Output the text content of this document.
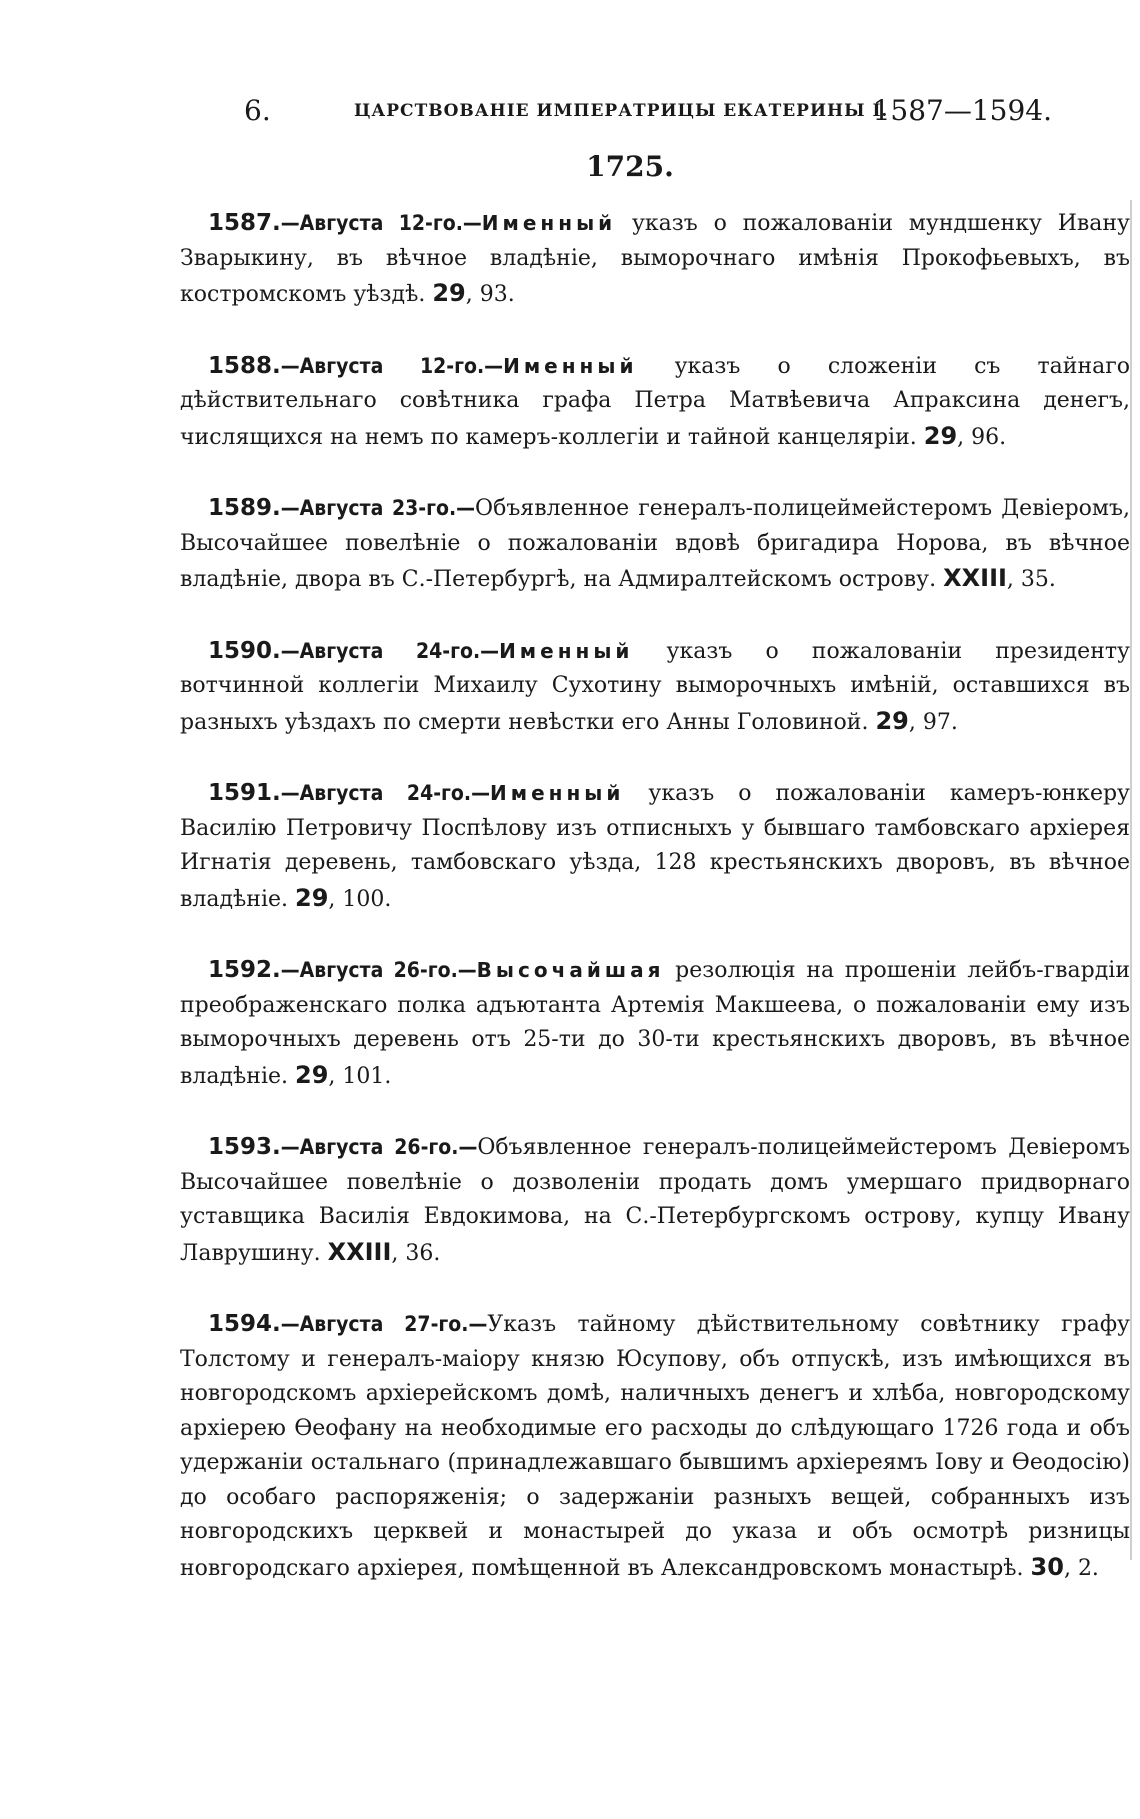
6.	ЦАРСТВОВАНІЕ ИМПЕРАТРИЦЫ ЕКАТЕРИНЫ I.
1587—1594.
1725.

1587.—Августа 12-го.—Именный указъ о пожалованіи мундшенку Ивану Зварыкину, въ вѣчное владѣніе, выморочнаго имѣнія Прокофьевыхъ, въ костромскомъ уѣздѣ. 29, 93.

1588.—Августа 12-го.—Именный указъ о сложеніи съ тайнаго дѣйствительнаго совѣтника графа Петра Матвѣевича Апраксина денегъ, числящихся на немъ по камеръ-коллегіи и тайной канцеляріи. 29, 96.

1589.—Августа 23-го.—Объявленное генералъ-полицеймейстеромъ Девіеромъ, Высочайшее повелѣніе о пожалованіи вдовѣ бригадира Норова, въ вѣчное владѣніе, двора въ С.-Петербургѣ, на Адмиралтейскомъ острову. XXIII, 35.

1590.—Августа 24-го.—Именный указъ о пожалованіи президенту вотчинной коллегіи Михаилу Сухотину выморочныхъ имѣній, оставшихся въ разныхъ уѣздахъ по смерти невѣстки его Анны Головиной. 29, 97.

1591.—Августа 24-го.—Именный указъ о пожалованіи камеръ-юнкеру Василію Петровичу Поспѣлову изъ отписныхъ у бывшаго тамбовскаго архіерея Игнатія деревень, тамбовскаго уѣзда, 128 крестьянскихъ дворовъ, въ вѣчное владѣніе. 29, 100.

1592.—Августа 26-го.—Высочайшая резолюція на прошеніи лейбъ-гвардіи преображенскаго полка адъютанта Артемія Макшеева, о пожалованіи ему изъ выморочныхъ деревень отъ 25-ти до 30-ти крестьянскихъ дворовъ, въ вѣчное владѣніе. 29, 101.

1593.—Августа 26-го.—Объявленное генералъ-полицеймейстеромъ Девіеромъ Высочайшее повелѣніе о дозволеніи продать домъ умершаго придворнаго уставщика Василія Евдокимова, на С.-Петербургскомъ острову, купцу Ивану Лаврушину. XXIII, 36.

1594.—Августа 27-го.—Указъ тайному дѣйствительному совѣтнику графу Толстому и генералъ-маіору князю Юсупову, объ отпускѣ, изъ имѣющихся въ новгородскомъ архіерейскомъ домѣ, наличныхъ денегъ и хлѣба, новгородскому архіерею Ѳеофану на необходимые его расходы до слѣдующаго 1726 года и объ удержаніи остальнаго (принадлежавшаго бывшимъ архіереямъ Іову и Ѳеодосію) до особаго распоряженія; о задержаніи разныхъ вещей, собранныхъ изъ новгородскихъ церквей и монастырей до указа и объ осмотрѣ ризницы новгородскаго архіерея, помѣщенной въ Александровскомъ монастырѣ. 30, 2.
